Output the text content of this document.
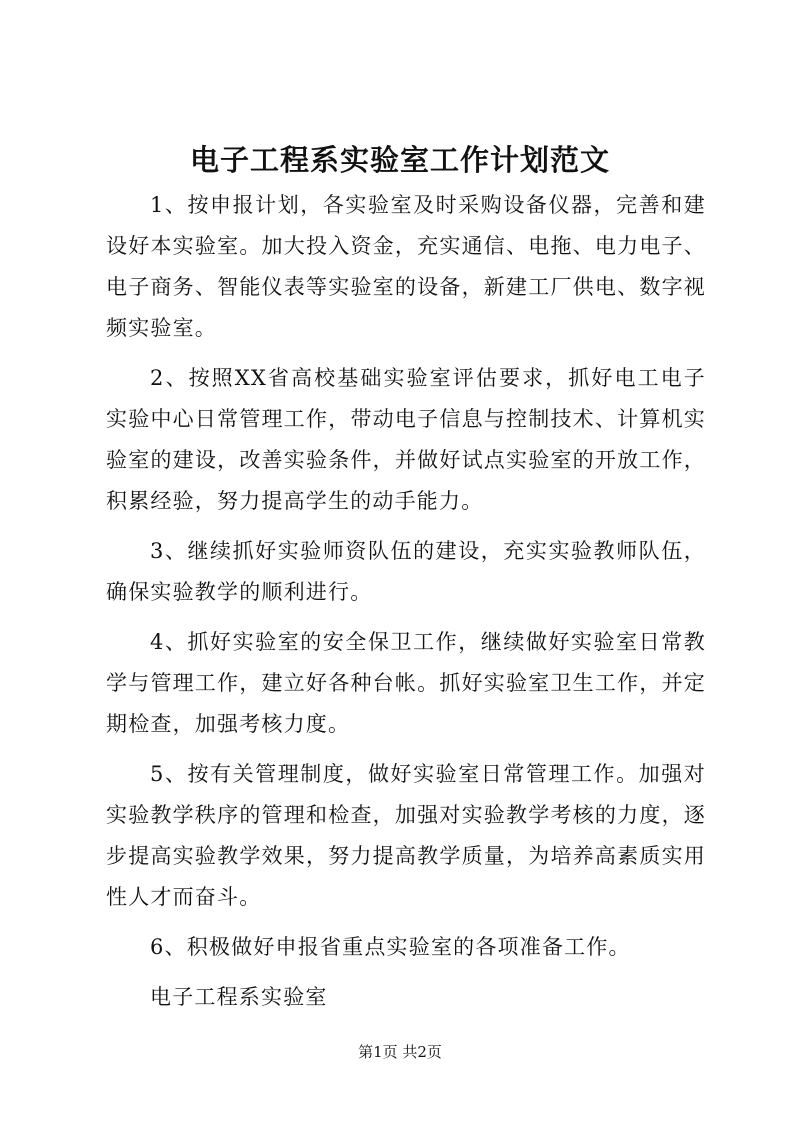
电子工程系实验室工作计划范文

1、按申报计划，各实验室及时采购设备仪器，完善和建设好本实验室。加大投入资金，充实通信、电拖、电力电子、电子商务、智能仪表等实验室的设备，新建工厂供电、数字视频实验室。

2、按照XX省高校基础实验室评估要求，抓好电工电子实验中心日常管理工作，带动电子信息与控制技术、计算机实验室的建设，改善实验条件，并做好试点实验室的开放工作，积累经验，努力提高学生的动手能力。

3、继续抓好实验师资队伍的建设，充实实验教师队伍，确保实验教学的顺利进行。

4、抓好实验室的安全保卫工作，继续做好实验室日常教学与管理工作，建立好各种台帐。抓好实验室卫生工作，并定期检查，加强考核力度。

5、按有关管理制度，做好实验室日常管理工作。加强对实验教学秩序的管理和检查，加强对实验教学考核的力度，逐步提高实验教学效果，努力提高教学质量，为培养高素质实用性人才而奋斗。

6、积极做好申报省重点实验室的各项准备工作。

电子工程系实验室

第1页 共2页
